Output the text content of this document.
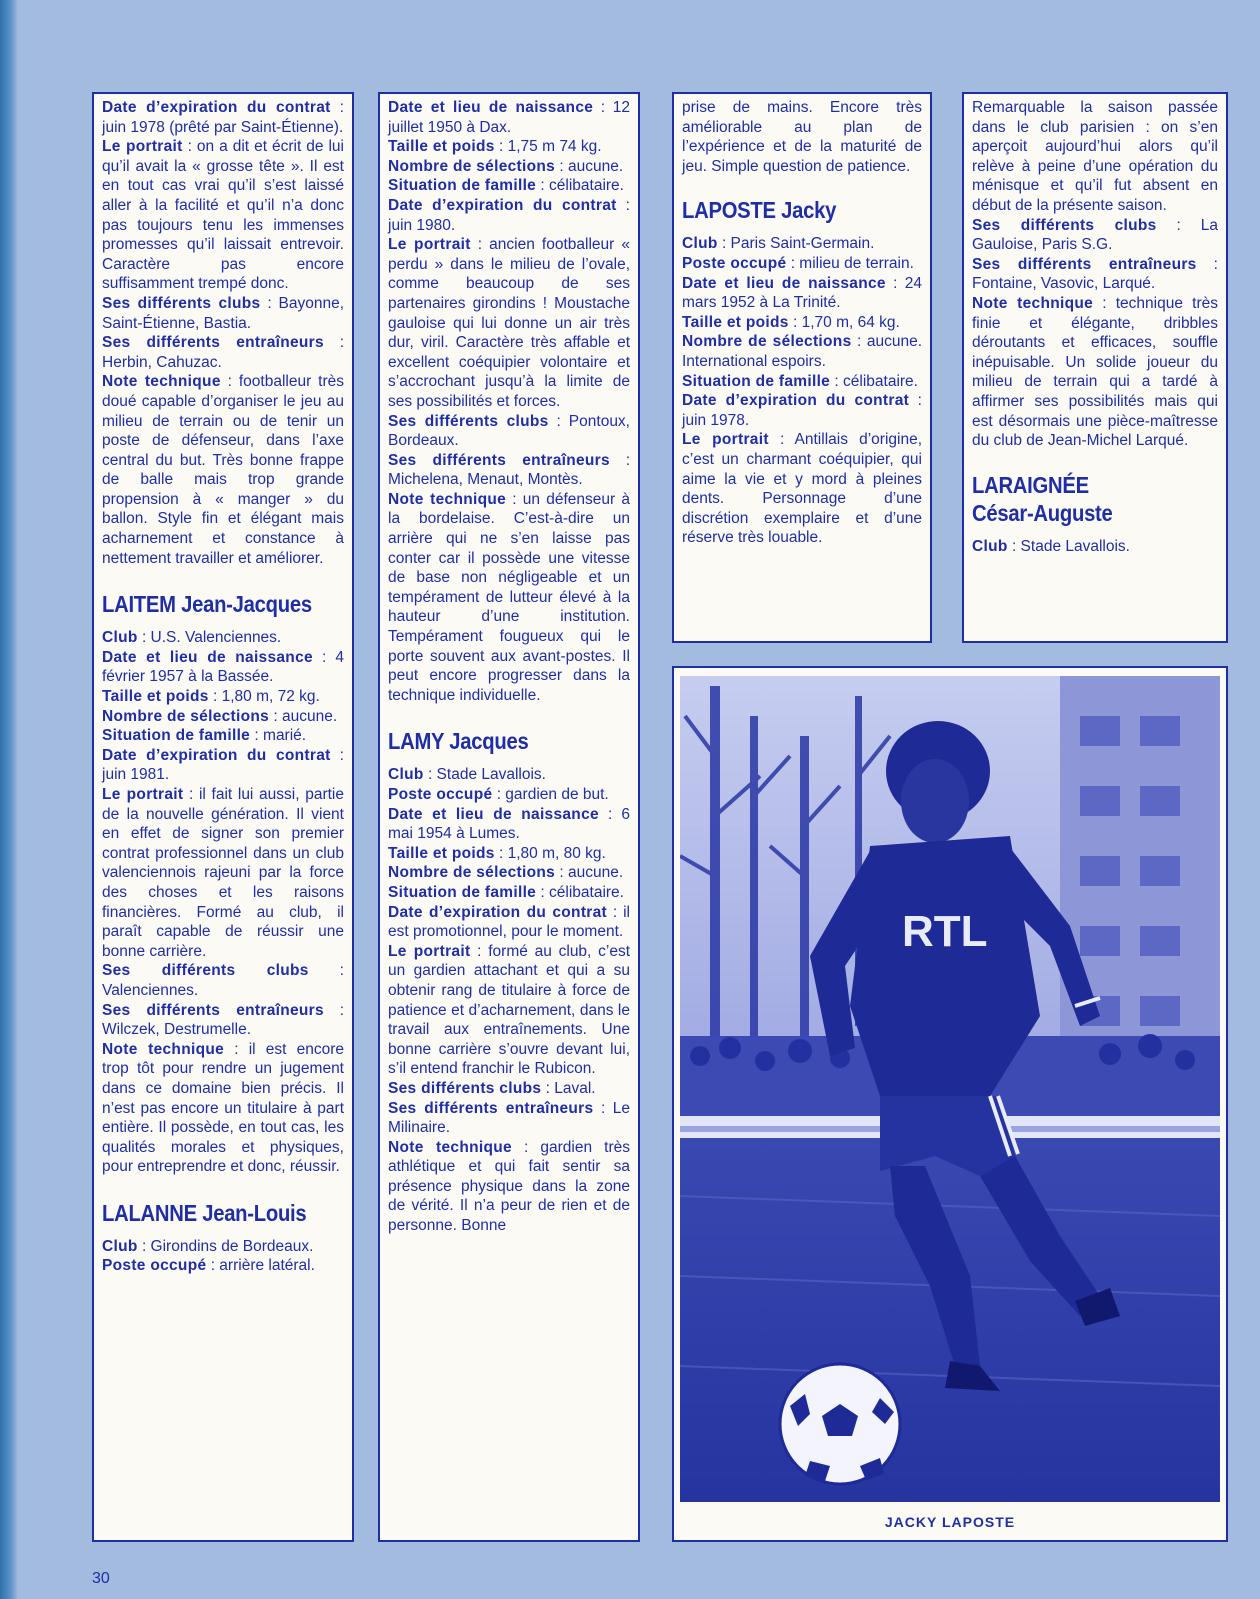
Date d’expiration du contrat : juin 1978 (prêté par Saint-Étienne).

Le portrait : on a dit et écrit de lui qu’il avait la « grosse tête ». Il est en tout cas vrai qu’il s’est laissé aller à la facilité et qu’il n’a donc pas toujours tenu les immenses promesses qu’il laissait entrevoir. Caractère pas encore suffisamment trempé donc.

Ses différents clubs : Bayonne, Saint-Étienne, Bastia.

Ses différents entraîneurs : Herbin, Cahuzac.

Note technique : footballeur très doué capable d’organiser le jeu au milieu de terrain ou de tenir un poste de défenseur, dans l’axe central du but. Très bonne frappe de balle mais trop grande propension à « manger » du ballon. Style fin et élégant mais acharnement et constance à nettement travailler et améliorer.

LAITEM Jean-Jacques

Club : U.S. Valenciennes.

Date et lieu de naissance : 4 février 1957 à la Bassée.

Taille et poids : 1,80 m, 72 kg.

Nombre de sélections : aucune.

Situation de famille : marié.

Date d’expiration du contrat : juin 1981.

Le portrait : il fait lui aussi, partie de la nouvelle génération. Il vient en effet de signer son premier contrat professionnel dans un club valenciennois rajeuni par la force des choses et les raisons financières. Formé au club, il paraît capable de réussir une bonne carrière.

Ses différents clubs : Valenciennes.

Ses différents entraîneurs : Wilczek, Destrumelle.

Note technique : il est encore trop tôt pour rendre un jugement dans ce domaine bien précis. Il n’est pas encore un titulaire à part entière. Il possède, en tout cas, les qualités morales et physiques, pour entreprendre et donc, réussir.

LALANNE Jean-Louis

Club : Girondins de Bordeaux.

Poste occupé : arrière latéral.

Date et lieu de naissance : 12 juillet 1950 à Dax.

Taille et poids : 1,75 m 74 kg.

Nombre de sélections : aucune.

Situation de famille : célibataire.

Date d’expiration du contrat : juin 1980.

Le portrait : ancien footballeur « perdu » dans le milieu de l’ovale, comme beaucoup de ses partenaires girondins ! Moustache gauloise qui lui donne un air très dur, viril. Caractère très affable et excellent coéquipier volontaire et s’accrochant jusqu’à la limite de ses possibilités et forces.

Ses différents clubs : Pontoux, Bordeaux.

Ses différents entraîneurs : Michelena, Menaut, Montès.

Note technique : un défenseur à la bordelaise. C’est-à-dire un arrière qui ne s’en laisse pas conter car il possède une vitesse de base non négligeable et un tempérament de lutteur élevé à la hauteur d’une institution. Tempérament fougueux qui le porte souvent aux avant-postes. Il peut encore progresser dans la technique individuelle.

LAMY Jacques

Club : Stade Lavallois.

Poste occupé : gardien de but.

Date et lieu de naissance : 6 mai 1954 à Lumes.

Taille et poids : 1,80 m, 80 kg.

Nombre de sélections : aucune.

Situation de famille : célibataire.

Date d’expiration du contrat : il est promotionnel, pour le moment.

Le portrait : formé au club, c’est un gardien attachant et qui a su obtenir rang de titulaire à force de patience et d’acharnement, dans le travail aux entraînements. Une bonne carrière s’ouvre devant lui, s’il entend franchir le Rubicon.

Ses différents clubs : Laval.

Ses différents entraîneurs : Le Milinaire.

Note technique : gardien très athlétique et qui fait sentir sa présence physique dans la zone de vérité. Il n’a peur de rien et de personne. Bonne

prise de mains. Encore très améliorable au plan de l’expérience et de la maturité de jeu. Simple question de patience.

LAPOSTE Jacky

Club : Paris Saint-Germain.

Poste occupé : milieu de terrain.

Date et lieu de naissance : 24 mars 1952 à La Trinité.

Taille et poids : 1,70 m, 64 kg.

Nombre de sélections : aucune. International espoirs.

Situation de famille : célibataire.

Date d’expiration du contrat : juin 1978.

Le portrait : Antillais d’origine, c’est un charmant coéquipier, qui aime la vie et y mord à pleines dents. Personnage d’une discrétion exemplaire et d’une réserve très louable.

Remarquable la saison passée dans le club parisien : on s’en aperçoit aujourd’hui alors qu’il relève à peine d’une opération du ménisque et qu’il fut absent en début de la présente saison.

Ses différents clubs : La Gauloise, Paris S.G.

Ses différents entraîneurs : Fontaine, Vasovic, Larqué.

Note technique : technique très finie et élégante, dribbles déroutants et efficaces, souffle inépuisable. Un solide joueur du milieu de terrain qui a tardé à affirmer ses possibilités mais qui est désormais une pièce-maîtresse du club de Jean-Michel Larqué.

LARAIGNÉE
César-Auguste

Club : Stade Lavallois.

RTL
JACKY LAPOSTE
30
